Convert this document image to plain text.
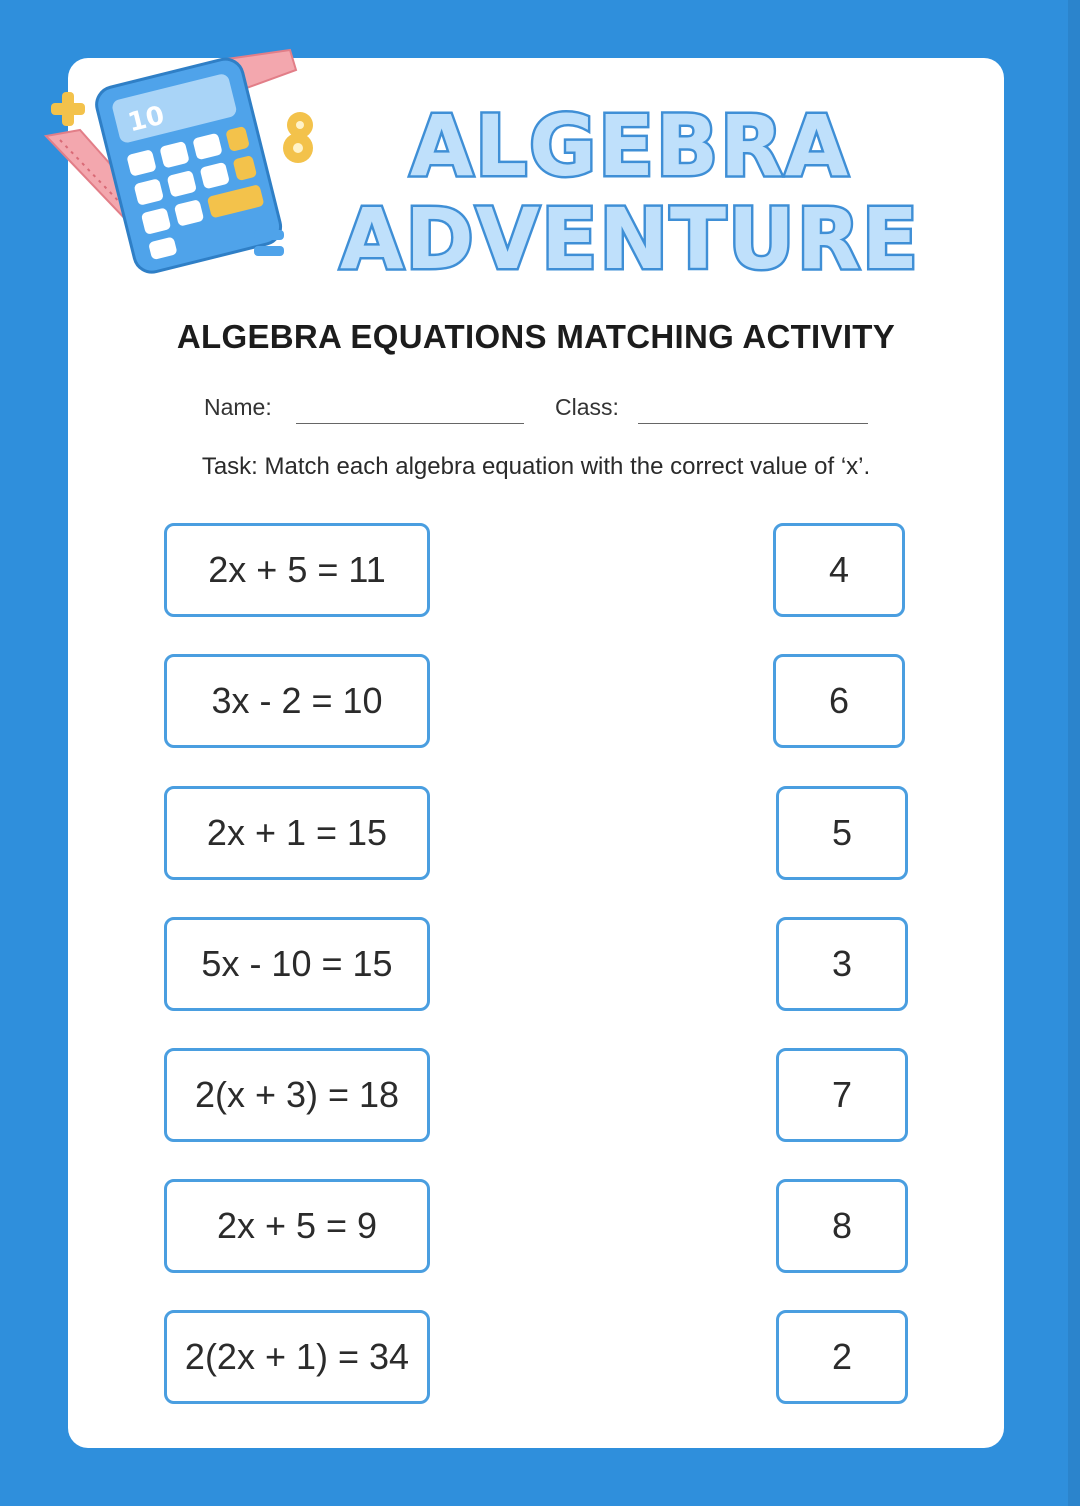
10	ALGEBRA
ADVENTURE
ALGEBRA EQUATIONS MATCHING ACTIVITY
Name:	Class:
Task: Match each algebra equation with the correct value of ‘x’.
2x + 5 = 11
3x - 2 = 10
2x + 1 = 15
5x - 10 = 15
2(x + 3) = 18
2x + 5 = 9
2(2x + 1) = 34
4
6
5
3
7
8
2
